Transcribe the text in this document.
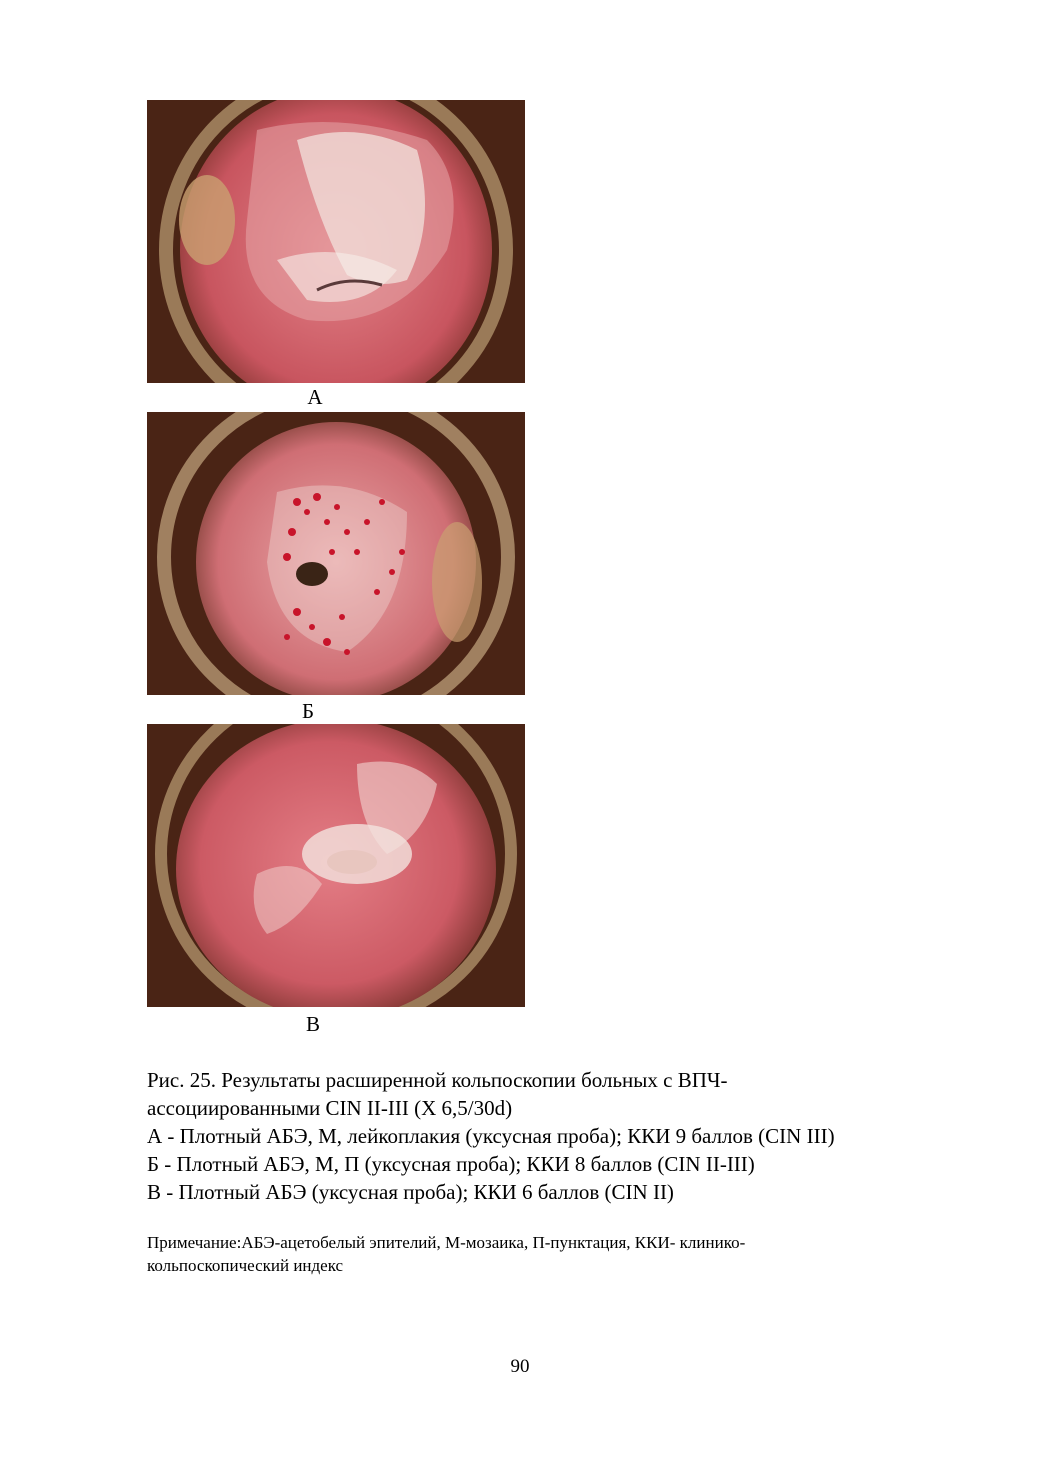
А
Б
В
Рис. 25. Результаты расширенной кольпоскопии больных с ВПЧ-
ассоциированными CIN II-III (Х 6,5/30d)
А - Плотный АБЭ, М, лейкоплакия (уксусная проба); ККИ 9 баллов (CIN III)
Б - Плотный АБЭ, М, П (уксусная проба); ККИ 8 баллов (CIN II-III)
В - Плотный АБЭ (уксусная проба); ККИ 6 баллов (CIN II)
Примечание:АБЭ-ацетобелый эпителий, М-мозаика, П-пунктация, ККИ- клинико-
кольпоскопический индекс
90
